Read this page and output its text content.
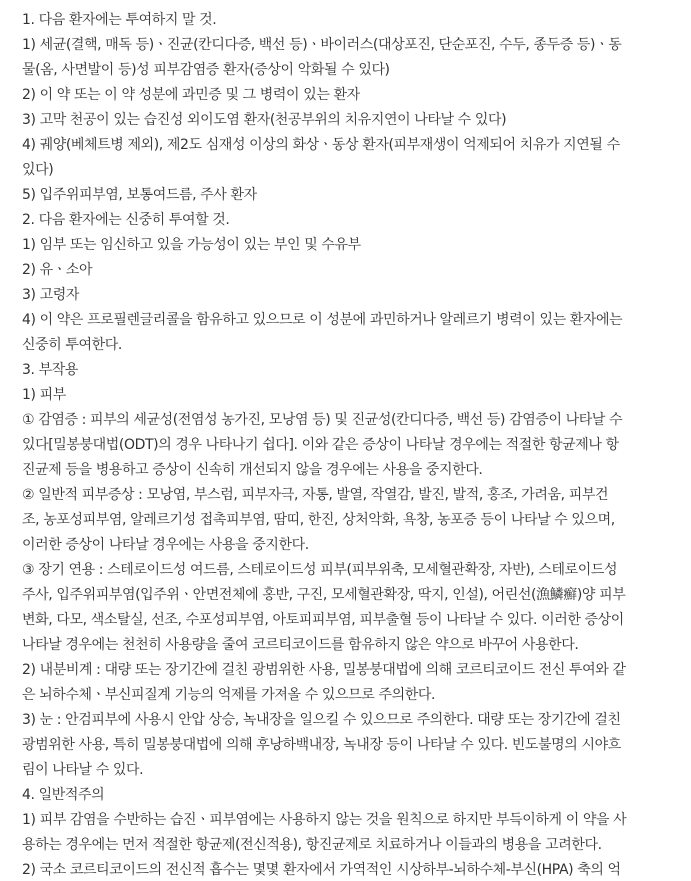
1. 다음 환자에는 투여하지 말 것.
1) 세균(결핵, 매독 등)ㆍ진균(칸디다증, 백선 등)ㆍ바이러스(대상포진, 단순포진, 수두, 종두증 등)ㆍ동
물(옴, 사면발이 등)성 피부감염증 환자(증상이 악화될 수 있다)
2) 이 약 또는 이 약 성분에 과민증 및 그 병력이 있는 환자
3) 고막 천공이 있는 습진성 외이도염 환자(천공부위의 치유지연이 나타날 수 있다)
4) 궤양(베체트병 제외), 제2도 심재성 이상의 화상ㆍ동상 환자(피부재생이 억제되어 치유가 지연될 수
있다)
5) 입주위피부염, 보통여드름, 주사 환자
2. 다음 환자에는 신중히 투여할 것.
1) 임부 또는 임신하고 있을 가능성이 있는 부인 및 수유부
2) 유ㆍ소아
3) 고령자
4) 이 약은 프로필렌글리콜을 함유하고 있으므로 이 성분에 과민하거나 알레르기 병력이 있는 환자에는
신중히 투여한다.
3. 부작용
1) 피부
① 감염증 : 피부의 세균성(전염성 농가진, 모낭염 등) 및 진균성(칸디다증, 백선 등) 감염증이 나타날 수
있다[밀봉붕대법(ODT)의 경우 나타나기 쉽다]. 이와 같은 증상이 나타날 경우에는 적절한 항균제나 항
진균제 등을 병용하고 증상이 신속히 개선되지 않을 경우에는 사용을 중지한다.
② 일반적 피부증상 : 모낭염, 부스럼, 피부자극, 자통, 발열, 작열감, 발진, 발적, 홍조, 가려움, 피부건
조, 농포성피부염, 알레르기성 접촉피부염, 땀띠, 한진, 상처악화, 욕창, 농포증 등이 나타날 수 있으며,
이러한 증상이 나타날 경우에는 사용을 중지한다.
③ 장기 연용 : 스테로이드성 여드름, 스테로이드성 피부(피부위축, 모세혈관확장, 자반), 스테로이드성
주사, 입주위피부염(입주위ㆍ안면전체에 홍반, 구진, 모세혈관확장, 딱지, 인설), 어린선(漁鱗癬)양 피부
변화, 다모, 색소탈실, 선조, 수포성피부염, 아토피피부염, 피부출혈 등이 나타날 수 있다. 이러한 증상이
나타날 경우에는 천천히 사용량을 줄여 코르티코이드를 함유하지 않은 약으로 바꾸어 사용한다.
2) 내분비계 : 대량 또는 장기간에 걸친 광범위한 사용, 밀봉붕대법에 의해 코르티코이드 전신 투여와 같
은 뇌하수체ㆍ부신피질계 기능의 억제를 가져올 수 있으므로 주의한다.
3) 눈 : 안검피부에 사용시 안압 상승, 녹내장을 일으킬 수 있으므로 주의한다. 대량 또는 장기간에 걸친
광범위한 사용, 특히 밀봉붕대법에 의해 후낭하백내장, 녹내장 등이 나타날 수 있다. 빈도불명의 시야흐
림이 나타날 수 있다.
4. 일반적주의
1) 피부 감염을 수반하는 습진ㆍ피부염에는 사용하지 않는 것을 원칙으로 하지만 부득이하게 이 약을 사
용하는 경우에는 먼저 적절한 항균제(전신적용), 항진균제로 치료하거나 이들과의 병용을 고려한다.
2) 국소 코르티코이드의 전신적 흡수는 몇몇 환자에서 가역적인 시상하부-뇌하수체-부신(HPA) 축의 억
